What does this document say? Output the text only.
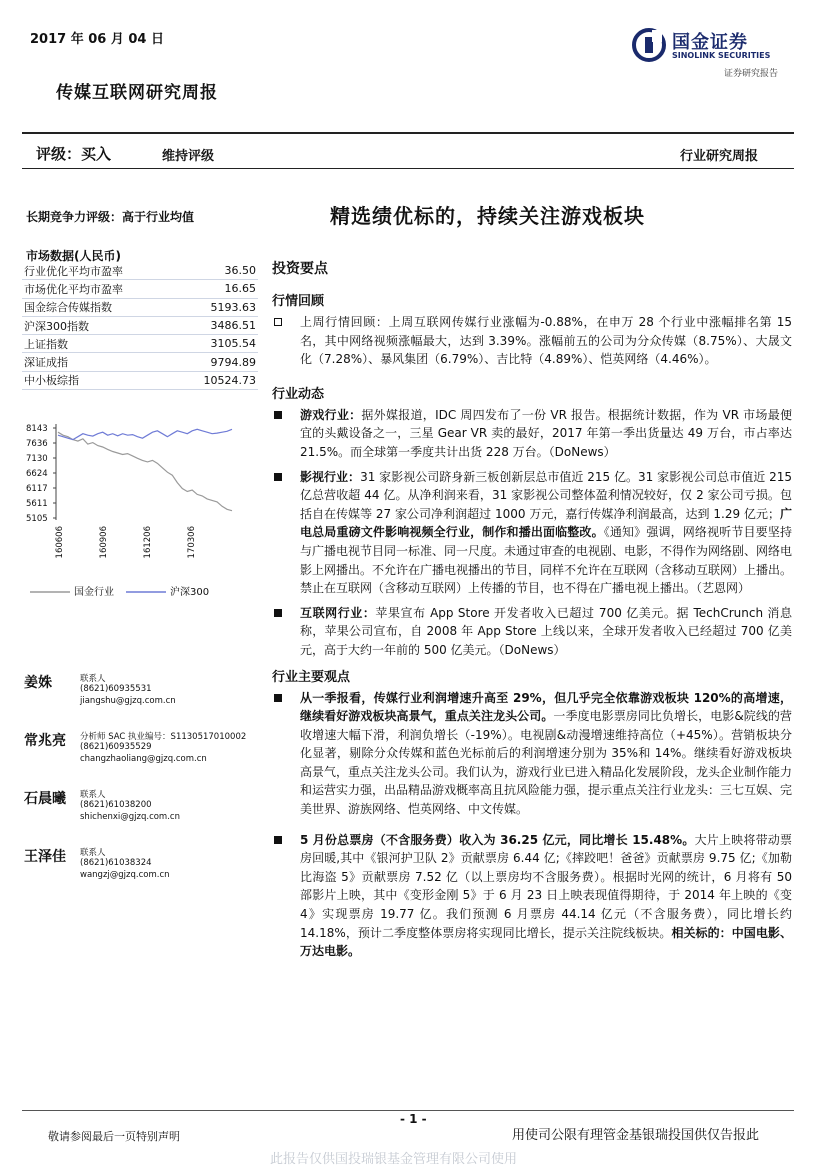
2017 年 06 月 04 日	国金证券
SINOLINK SECURITIES
证券研究报告
传媒互联网研究周报
评级：买入	维持评级	行业研究周报
长期竞争力评级：高于行业均值	精选绩优标的，持续关注游戏板块
市场数据(人民币)
行业优化平均市盈率	36.50
市场优化平均市盈率	16.65
国金综合传媒指数	5193.63
沪深300指数	3486.51
上证指数	3105.54
深证成指	9794.89
中小板综指	10524.73
8143
7636
7130
6624
6117
5611
5105
160606	160906	161206	170306
国金行业	沪深300
姜姝	联系人
(8621)60935531
jiangshu@gjzq.com.cn
常兆亮 分析师 SAC 执业编号：S1130517010002
(8621)60935529
changzhaoliang@gjzq.com.cn
石晨曦 联系人
(8621)61038200
shichenxi@gjzq.com.cn
王泽佳 联系人
(8621)61038324
wangzj@gjzq.com.cn
投资要点
行情回顾
上周行情回顾：上周互联网传媒行业涨幅为-0.88%，在申万 28 个行业中涨幅排名第 15 名，其中网络视频涨幅最大，达到 3.39%。涨幅前五的公司为分众传媒（8.75%）、大晟文化（7.28%）、暴风集团（6.79%）、吉比特（4.89%）、恺英网络（4.46%）。
行业动态
游戏行业：据外媒报道，IDC 周四发布了一份 VR 报告。根据统计数据，作为 VR 市场最便宜的头戴设备之一，三星 Gear VR 卖的最好，2017 年第一季出货量达 49 万台，市占率达 21.5%。而全球第一季度共计出货 228 万台。（DoNews）
影视行业：31 家影视公司跻身新三板创新层总市值近 215 亿。31 家影视公司总市值近 215 亿总营收超 44 亿。从净利润来看，31 家影视公司整体盈利情况较好，仅 2 家公司亏损。包括自在传媒等 27 家公司净利润超过 1000 万元，嘉行传媒净利润最高，达到 1.29 亿元；广电总局重磅文件影响视频全行业，制作和播出面临整改。《通知》强调，网络视听节目要坚持与广播电视节目同一标准、同一尺度。未通过审查的电视剧、电影，不得作为网络剧、网络电影上网播出。不允许在广播电视播出的节目，同样不允许在互联网（含移动互联网）上播出。禁止在互联网（含移动互联网）上传播的节目，也不得在广播电视上播出。（艺恩网）
互联网行业：苹果宣布 App Store 开发者收入已超过 700 亿美元。据 TechCrunch 消息称，苹果公司宣布，自 2008 年 App Store 上线以来，全球开发者收入已经超过 700 亿美元，高于大约一年前的 500 亿美元。（DoNews）
行业主要观点
从一季报看，传媒行业利润增速升高至 29%，但几乎完全依靠游戏板块 120%的高增速，继续看好游戏板块高景气，重点关注龙头公司。一季度电影票房同比负增长，电影&院线的营收增速大幅下滑，利润负增长（-19%）。电视剧&动漫增速维持高位（+45%）。营销板块分化显著，剔除分众传媒和蓝色光标前后的利润增速分别为 35%和 14%。继续看好游戏板块高景气，重点关注龙头公司。我们认为，游戏行业已进入精品化发展阶段，龙头企业制作能力和运营实力强，出品精品游戏概率高且抗风险能力强，提示重点关注行业龙头：三七互娱、完美世界、游族网络、恺英网络、中文传媒。
5 月份总票房（不含服务费）收入为 36.25 亿元，同比增长 15.48%。大片上映将带动票房回暖,其中《银河护卫队 2》贡献票房 6.44 亿;《摔跤吧！爸爸》贡献票房 9.75 亿;《加勒比海盗 5》贡献票房 7.52 亿（以上票房均不含服务费）。根据时光网的统计，6 月将有 50 部影片上映，其中《变形金刚 5》于 6 月 23 日上映表现值得期待，于 2014 年上映的《变 4》实现票房 19.77 亿。我们预测 6 月票房 44.14 亿元（不含服务费），同比增长约 14.18%，预计二季度整体票房将实现同比增长，提示关注院线板块。相关标的：中国电影、万达电影。
- 1 -
敬请参阅最后一页特别声明	用使司公限有理管金基银瑞投国供仅告报此
此报告仅供国投瑞银基金管理有限公司使用
